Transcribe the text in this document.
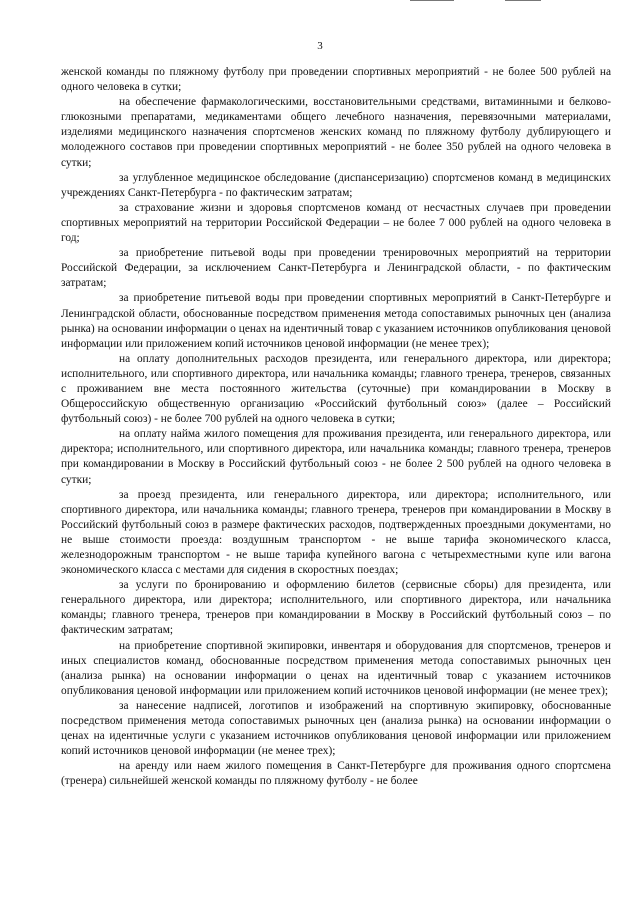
3

женской команды по пляжному футболу при проведении спортивных мероприятий - не более 500 рублей на одного человека в сутки;

на обеспечение фармакологическими, восстановительными средствами, витаминными и белково-глюкозными препаратами, медикаментами общего лечебного назначения, перевязочными материалами, изделиями медицинского назначения спортсменов женских команд по пляжному футболу дублирующего и молодежного составов при проведении спортивных мероприятий - не более 350 рублей на одного человека в сутки;

за углубленное медицинское обследование (диспансеризацию) спортсменов команд в медицинских учреждениях Санкт-Петербурга - по фактическим затратам;

за страхование жизни и здоровья спортсменов команд от несчастных случаев при проведении спортивных мероприятий на территории Российской Федерации – не более 7 000 рублей на одного человека в год;

за приобретение питьевой воды при проведении тренировочных мероприятий на территории Российской Федерации, за исключением Санкт-Петербурга и Ленинградской области, - по фактическим затратам;

за приобретение питьевой воды при проведении спортивных мероприятий в Санкт-Петербурге и Ленинградской области, обоснованные посредством применения метода сопоставимых рыночных цен (анализа рынка) на основании информации о ценах на идентичный товар с указанием источников опубликования ценовой информации или приложением копий источников ценовой информации (не менее трех);

на оплату дополнительных расходов президента, или генерального директора, или директора; исполнительного, или спортивного директора, или начальника команды; главного тренера, тренеров, связанных с проживанием вне места постоянного жительства (суточные) при командировании в Москву в Общероссийскую общественную организацию «Российский футбольный союз» (далее – Российский футбольный союз) - не более 700 рублей на одного человека в сутки;

на оплату найма жилого помещения для проживания президента, или генерального директора, или директора; исполнительного, или спортивного директора, или начальника команды; главного тренера, тренеров при командировании в Москву в Российский футбольный союз - не более 2 500 рублей на одного человека в сутки;

за проезд президента, или генерального директора, или директора; исполнительного, или спортивного директора, или начальника команды; главного тренера, тренеров при командировании в Москву в Российский футбольный союз в размере фактических расходов, подтвержденных проездными документами, но не выше стоимости проезда: воздушным транспортом - не выше тарифа экономического класса, железнодорожным транспортом - не выше тарифа купейного вагона с четырехместными купе или вагона экономического класса с местами для сидения в скоростных поездах;

за услуги по бронированию и оформлению билетов (сервисные сборы) для президента, или генерального директора, или директора; исполнительного, или спортивного директора, или начальника команды; главного тренера, тренеров при командировании в Москву в Российский футбольный союз – по фактическим затратам;

на приобретение спортивной экипировки, инвентаря и оборудования для спортсменов, тренеров и иных специалистов команд, обоснованные посредством применения метода сопоставимых рыночных цен (анализа рынка) на основании информации о ценах на идентичный товар с указанием источников опубликования ценовой информации или приложением копий источников ценовой информации (не менее трех);

за нанесение надписей, логотипов и изображений на спортивную экипировку, обоснованные посредством применения метода сопоставимых рыночных цен (анализа рынка) на основании информации о ценах на идентичные услуги с указанием источников опубликования ценовой информации или приложением копий источников ценовой информации (не менее трех);

на аренду или наем жилого помещения в Санкт-Петербурге для проживания одного спортсмена (тренера) сильнейшей женской команды по пляжному футболу - не более
